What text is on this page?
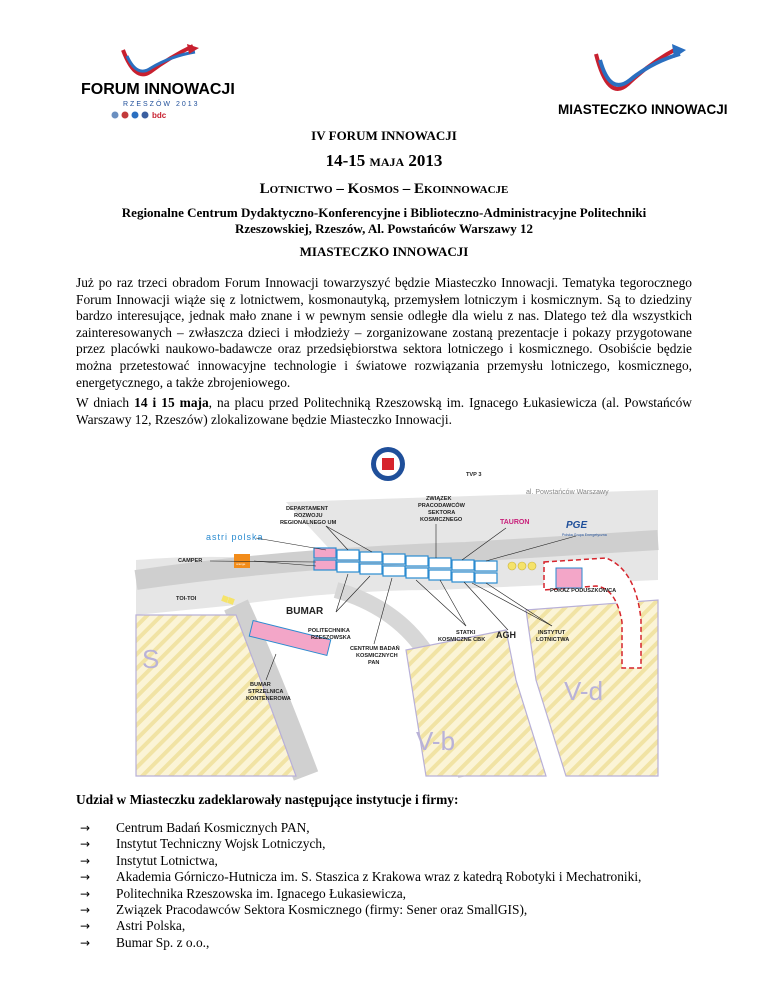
FORUM INNOWACJI
RZESZÓW 2013
bdc	MIASTECZKO INNOWACJI
IV FORUM INNOWACJI
14-15 MAJA 2013
LOTNICTWO – KOSMOS – EKOINNOWACJE
Regionalne Centrum Dydaktyczno-Konferencyjne i Biblioteczno-Administracyjne Politechniki
Rzeszowskiej, Rzeszów, Al. Powstańców Warszawy 12
MIASTECZKO INNOWACJI
Już po raz trzeci obradom Forum Innowacji towarzyszyć będzie Miasteczko Innowacji. Tematyka tegorocznego Forum Innowacji wiąże się z lotnictwem, kosmonautyką, przemysłem lotniczym i kosmicznym. Są to dziedziny bardzo interesujące, jednak mało znane i w pewnym sensie odległe dla wielu z nas. Dlatego też dla wszystkich zainteresowanych – zwłaszcza dzieci i młodzieży – zorganizowane zostaną prezentacje i pokazy przygotowane przez placówki naukowo-badawcze oraz przedsiębiorstwa sektora lotniczego i kosmicznego. Osobiście będzie można przetestować innowacyjne technologie i światowe rozwiązania przemysłu lotniczego, kosmicznego, energetycznego, a także zbrojeniowego.
W dniach 14 i 15 maja, na placu przed Politechniką Rzeszowską im. Ignacego Łukasiewicza (al. Powstańców Warszawy 12, Rzeszów) zlokalizowane będzie Miasteczko Innowacji.
S
V-b
V-d
al. Powstańców Warszawy
TVP 3
DEPARTAMENT
ROZWOJU
REGIONALNEGO UM
ZWIĄZEK
PRACODAWCÓW
SEKTORA
KOSMICZNEGO	TAURON	PGE
Polska Grupa Energetyczna
astri polska
CAMPER	orange
TOI-TOI
POKAZ PODUSZKOWCA
BUMAR
POLITECHNIKA
RZESZOWSKA
CENTRUM BADAŃ
KOSMICZNYCH
PAN
STATKI
KOSMICZNE CBK AGH	INSTYTUT
LOTNICTWA
BUMAR
STRZELNICA
KONTENEROWA
Udział w Miasteczku zadeklarowały następujące instytucje i firmy:
→ Centrum Badań Kosmicznych PAN,
→ Instytut Techniczny Wojsk Lotniczych,
→ Instytut Lotnictwa,
→ Akademia Górniczo-Hutnicza im. S. Staszica z Krakowa wraz z katedrą Robotyki i Mechatroniki,
→ Politechnika Rzeszowska im. Ignacego Łukasiewicza,
→ Związek Pracodawców Sektora Kosmicznego (firmy: Sener oraz SmallGIS),
→ Astri Polska,
→ Bumar Sp. z o.o.,
